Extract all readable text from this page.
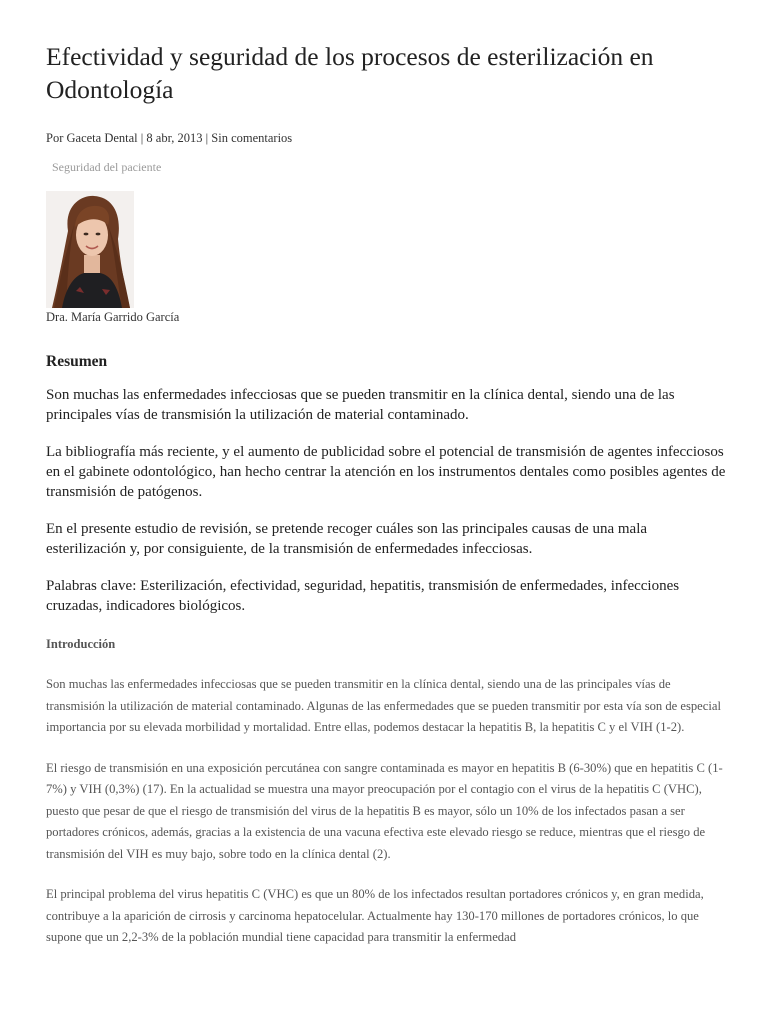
Efectividad y seguridad de los procesos de esterilización en Odontología
Por Gaceta Dental | 8 abr, 2013 | Sin comentarios
Seguridad del paciente
Dra. María Garrido García
Resumen

Son muchas las enfermedades infecciosas que se pueden transmitir en la clínica dental, siendo una de las principales vías de transmisión la utilización de material contaminado.

La bibliografía más reciente, y el aumento de publicidad sobre el potencial de transmisión de agentes infecciosos en el gabinete odontológico, han hecho centrar la atención en los instrumentos dentales como posibles agentes de transmisión de patógenos.

En el presente estudio de revisión, se pretende recoger cuáles son las principales causas de una mala esterilización y, por consiguiente, de la transmisión de enfermedades infecciosas.

Palabras clave: Esterilización, efectividad, seguridad, hepatitis, transmisión de enfermedades, infecciones cruzadas, indicadores biológicos.

Introducción

Son muchas las enfermedades infecciosas que se pueden transmitir en la clínica dental, siendo una de las principales vías de transmisión la utilización de material contaminado. Algunas de las enfermedades que se pueden transmitir por esta vía son de especial importancia por su elevada morbilidad y mortalidad. Entre ellas, podemos destacar la hepatitis B, la hepatitis C y el VIH (1-2).

El riesgo de transmisión en una exposición percutánea con sangre contaminada es mayor en hepatitis B (6-30%) que en hepatitis C (1-7%) y VIH (0,3%) (17). En la actualidad se muestra una mayor preocupación por el contagio con el virus de la hepatitis C (VHC), puesto que pesar de que el riesgo de transmisión del virus de la hepatitis B es mayor, sólo un 10% de los infectados pasan a ser portadores crónicos, además, gracias a la existencia de una vacuna efectiva este elevado riesgo se reduce, mientras que el riesgo de transmisión del VIH es muy bajo, sobre todo en la clínica dental (2).

El principal problema del virus hepatitis C (VHC) es que un 80% de los infectados resultan portadores crónicos y, en gran medida, contribuye a la aparición de cirrosis y carcinoma hepatocelular. Actualmente hay 130-170 millones de portadores crónicos, lo que supone que un 2,2-3% de la población mundial tiene capacidad para transmitir la enfermedad
